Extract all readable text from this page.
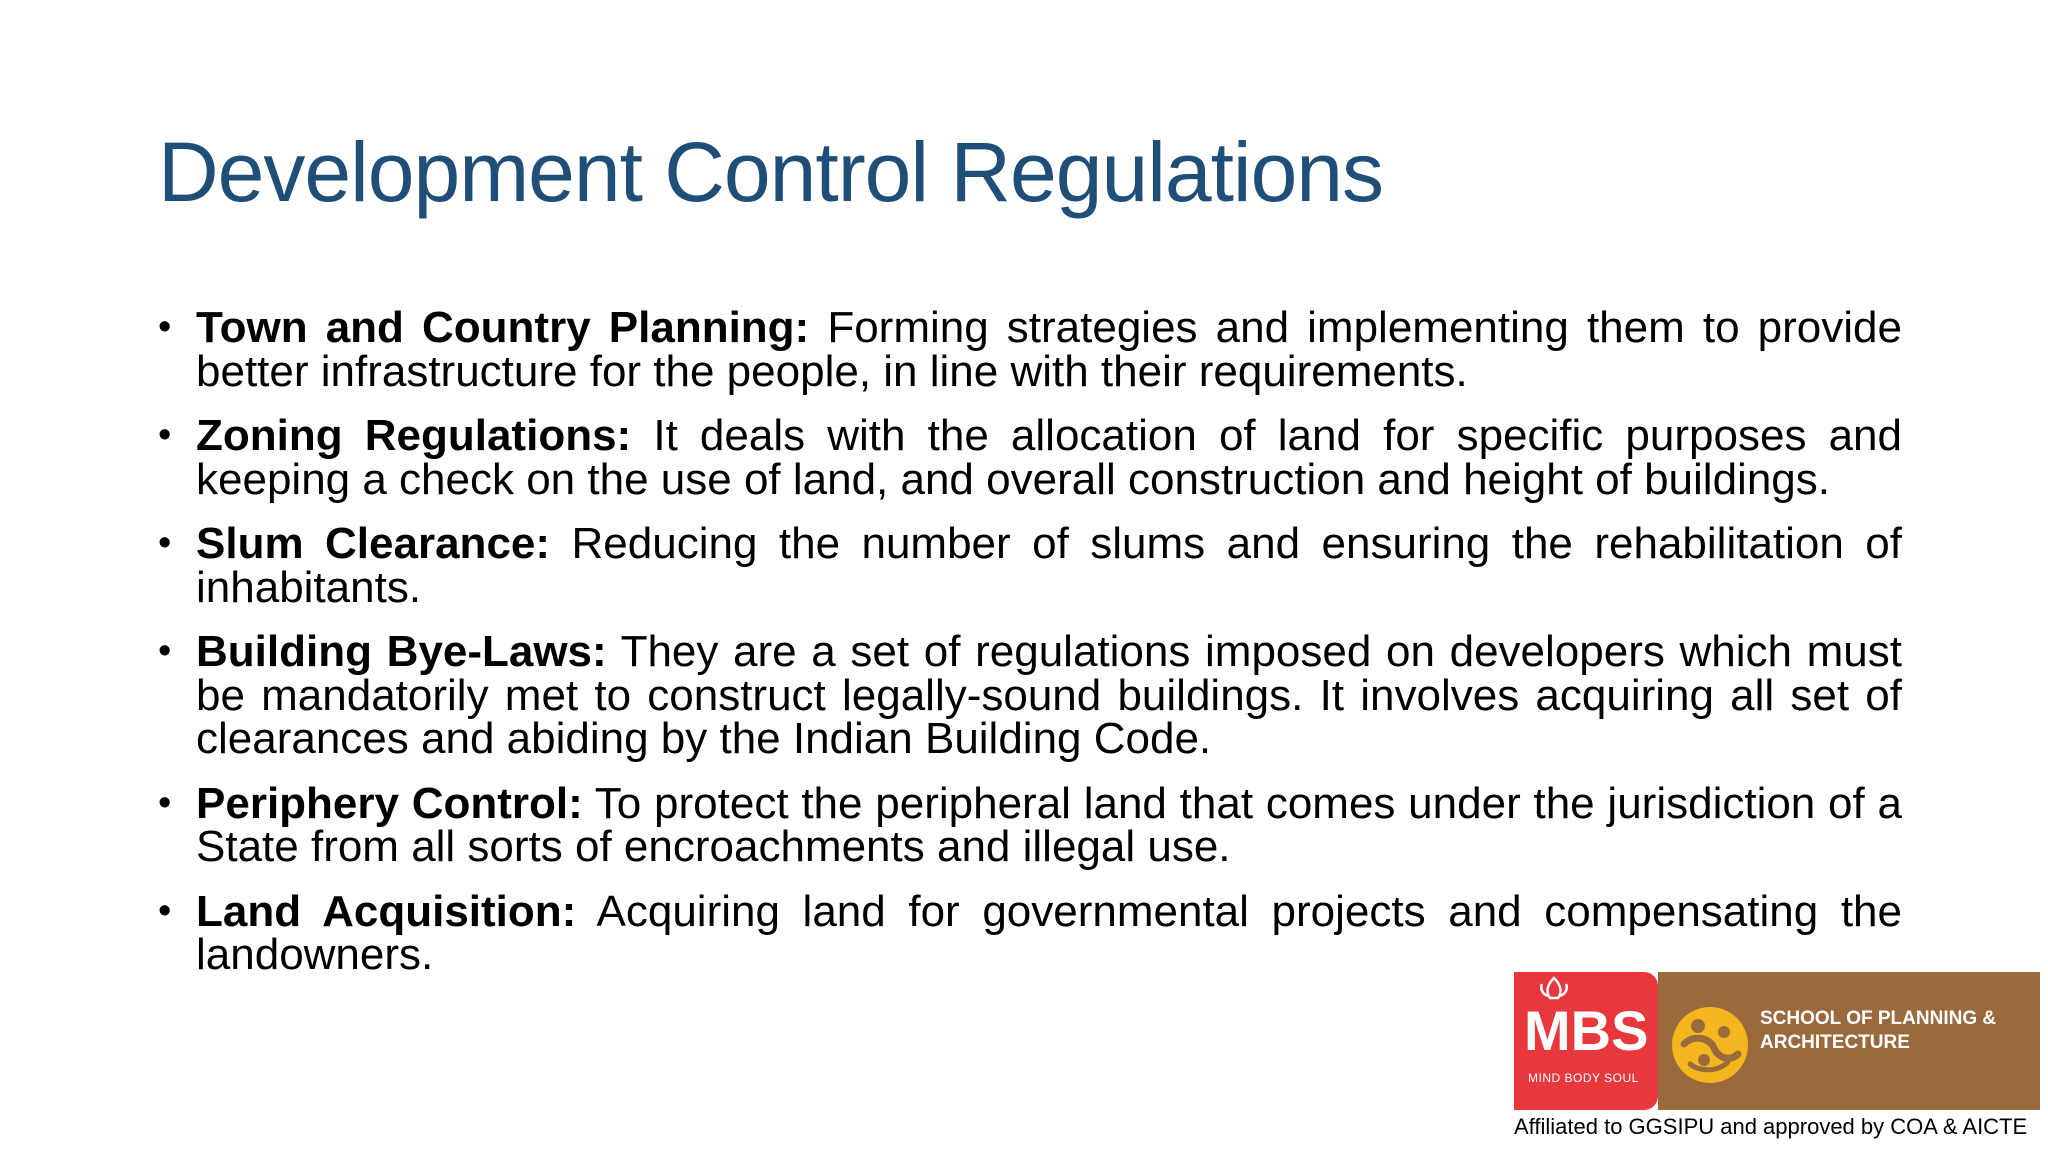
Development Control Regulations
• Town and Country Planning: Forming strategies and implementing them to provide better infrastructure for the people, in line with their requirements.
• Zoning Regulations: It deals with the allocation of land for specific purposes and keeping a check on the use of land, and overall construction and height of buildings.
• Slum Clearance: Reducing the number of slums and ensuring the rehabilitation of inhabitants.
• Building Bye-Laws: They are a set of regulations imposed on developers which must be mandatorily met to construct legally-sound buildings. It involves acquiring all set of clearances and abiding by the Indian Building Code.
• Periphery Control: To protect the peripheral land that comes under the jurisdiction of a State from all sorts of encroachments and illegal use.
• Land Acquisition: Acquiring land for governmental projects and compensating the landowners.
MBS
MIND BODY SOUL
SCHOOL OF PLANNING &
ARCHITECTURE
Affiliated to GGSIPU and approved by COA & AICTE
